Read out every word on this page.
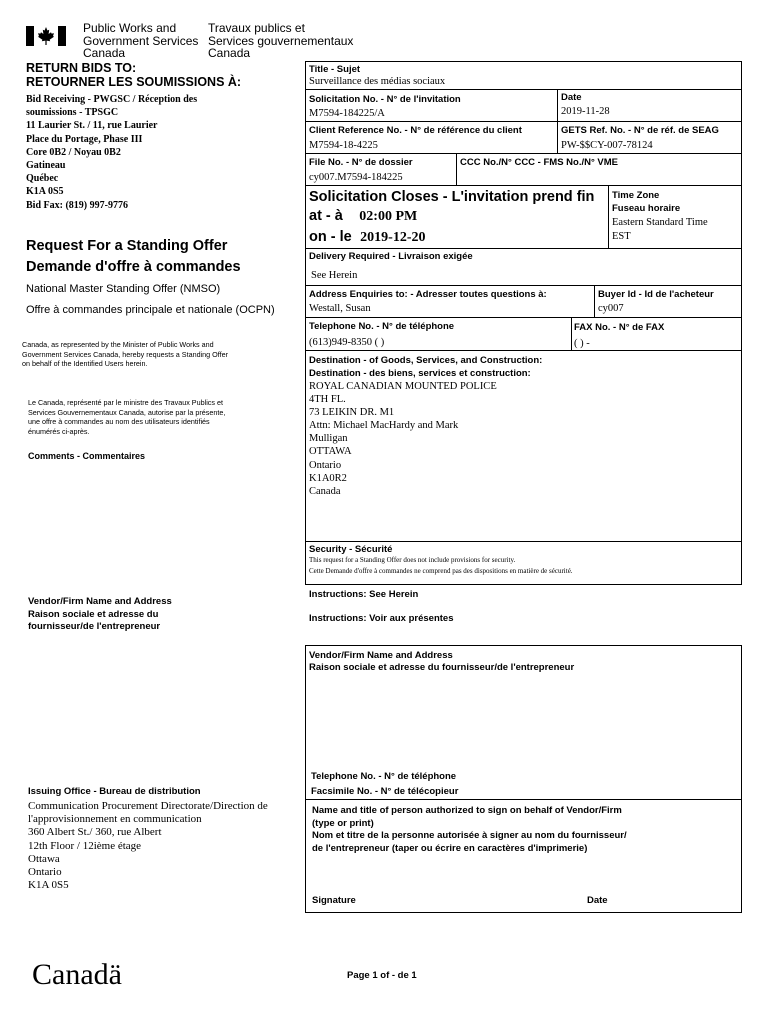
Public Works and
Government Services
Canada
Travaux publics et
Services gouvernementaux
Canada
RETURN BIDS TO:
RETOURNER LES SOUMISSIONS À:
Bid Receiving - PWGSC / Réception des
soumissions - TPSGC
11 Laurier St. / 11, rue Laurier
Place du Portage, Phase III
Core 0B2 / Noyau 0B2
Gatineau
Québec
K1A 0S5
Bid Fax: (819) 997-9776
Request For a Standing Offer
Demande d'offre à commandes
National Master Standing Offer (NMSO)
Offre à commandes principale et nationale (OCPN)
Canada, as represented by the Minister of Public Works and
Government Services Canada, hereby requests a Standing Offer
on behalf of the Identified Users herein.
Le Canada, représenté par le ministre des Travaux Publics et
Services Gouvernementaux Canada, autorise par la présente,
une offre à commandes au nom des utilisateurs identifiés
énumérés ci-après.
Comments - Commentaires
Vendor/Firm Name and Address
Raison sociale et adresse du
fournisseur/de l'entrepreneur
Issuing Office - Bureau de distribution
Communication Procurement Directorate/Direction de
l'approvisionnement en communication
360 Albert St./ 360, rue Albert
12th Floor / 12ième étage
Ottawa
Ontario
K1A 0S5
Title - Sujet
Surveillance des médias sociaux
Solicitation No. - N° de l'invitation
M7594-184225/A
Date
2019-11-28
Client Reference No. - N° de référence du client
M7594-18-4225
GETS Ref. No. - N° de réf. de SEAG
PW-$$CY-007-78124
File No. - N° de dossier
cy007.M7594-184225
CCC No./N° CCC - FMS No./N° VME
Solicitation Closes - L'invitation prend fin
at - à 02:00 PM
on - le 2019-12-20
Time Zone
Fuseau horaire
Eastern Standard Time
EST
Delivery Required - Livraison exigée
See Herein
Address Enquiries to: - Adresser toutes questions à:
Westall, Susan
Buyer Id - Id de l'acheteur
cy007
Telephone No. - N° de téléphone
(613)949-8350 ( )
FAX No. - N° de FAX
( ) -
Destination - of Goods, Services, and Construction:
Destination - des biens, services et construction:
ROYAL CANADIAN MOUNTED POLICE
4TH FL.
73 LEIKIN DR. M1
Attn: Michael MacHardy and Mark
Mulligan
OTTAWA
Ontario
K1A0R2
Canada
Security - Sécurité
This request for a Standing Offer does not include provisions for security.
Cette Demande d'offre à commandes ne comprend pas des dispositions en matière de sécurité.
Instructions: See Herein
Instructions: Voir aux présentes
Vendor/Firm Name and Address
Raison sociale et adresse du fournisseur/de l'entrepreneur
Telephone No. - N° de téléphone
Facsimile No. - N° de télécopieur
Name and title of person authorized to sign on behalf of Vendor/Firm
(type or print)
Nom et titre de la personne autorisée à signer au nom du fournisseur/
de l'entrepreneur (taper ou écrire en caractères d'imprimerie)
Signature	Date
Canadä	Page 1 of - de 1
